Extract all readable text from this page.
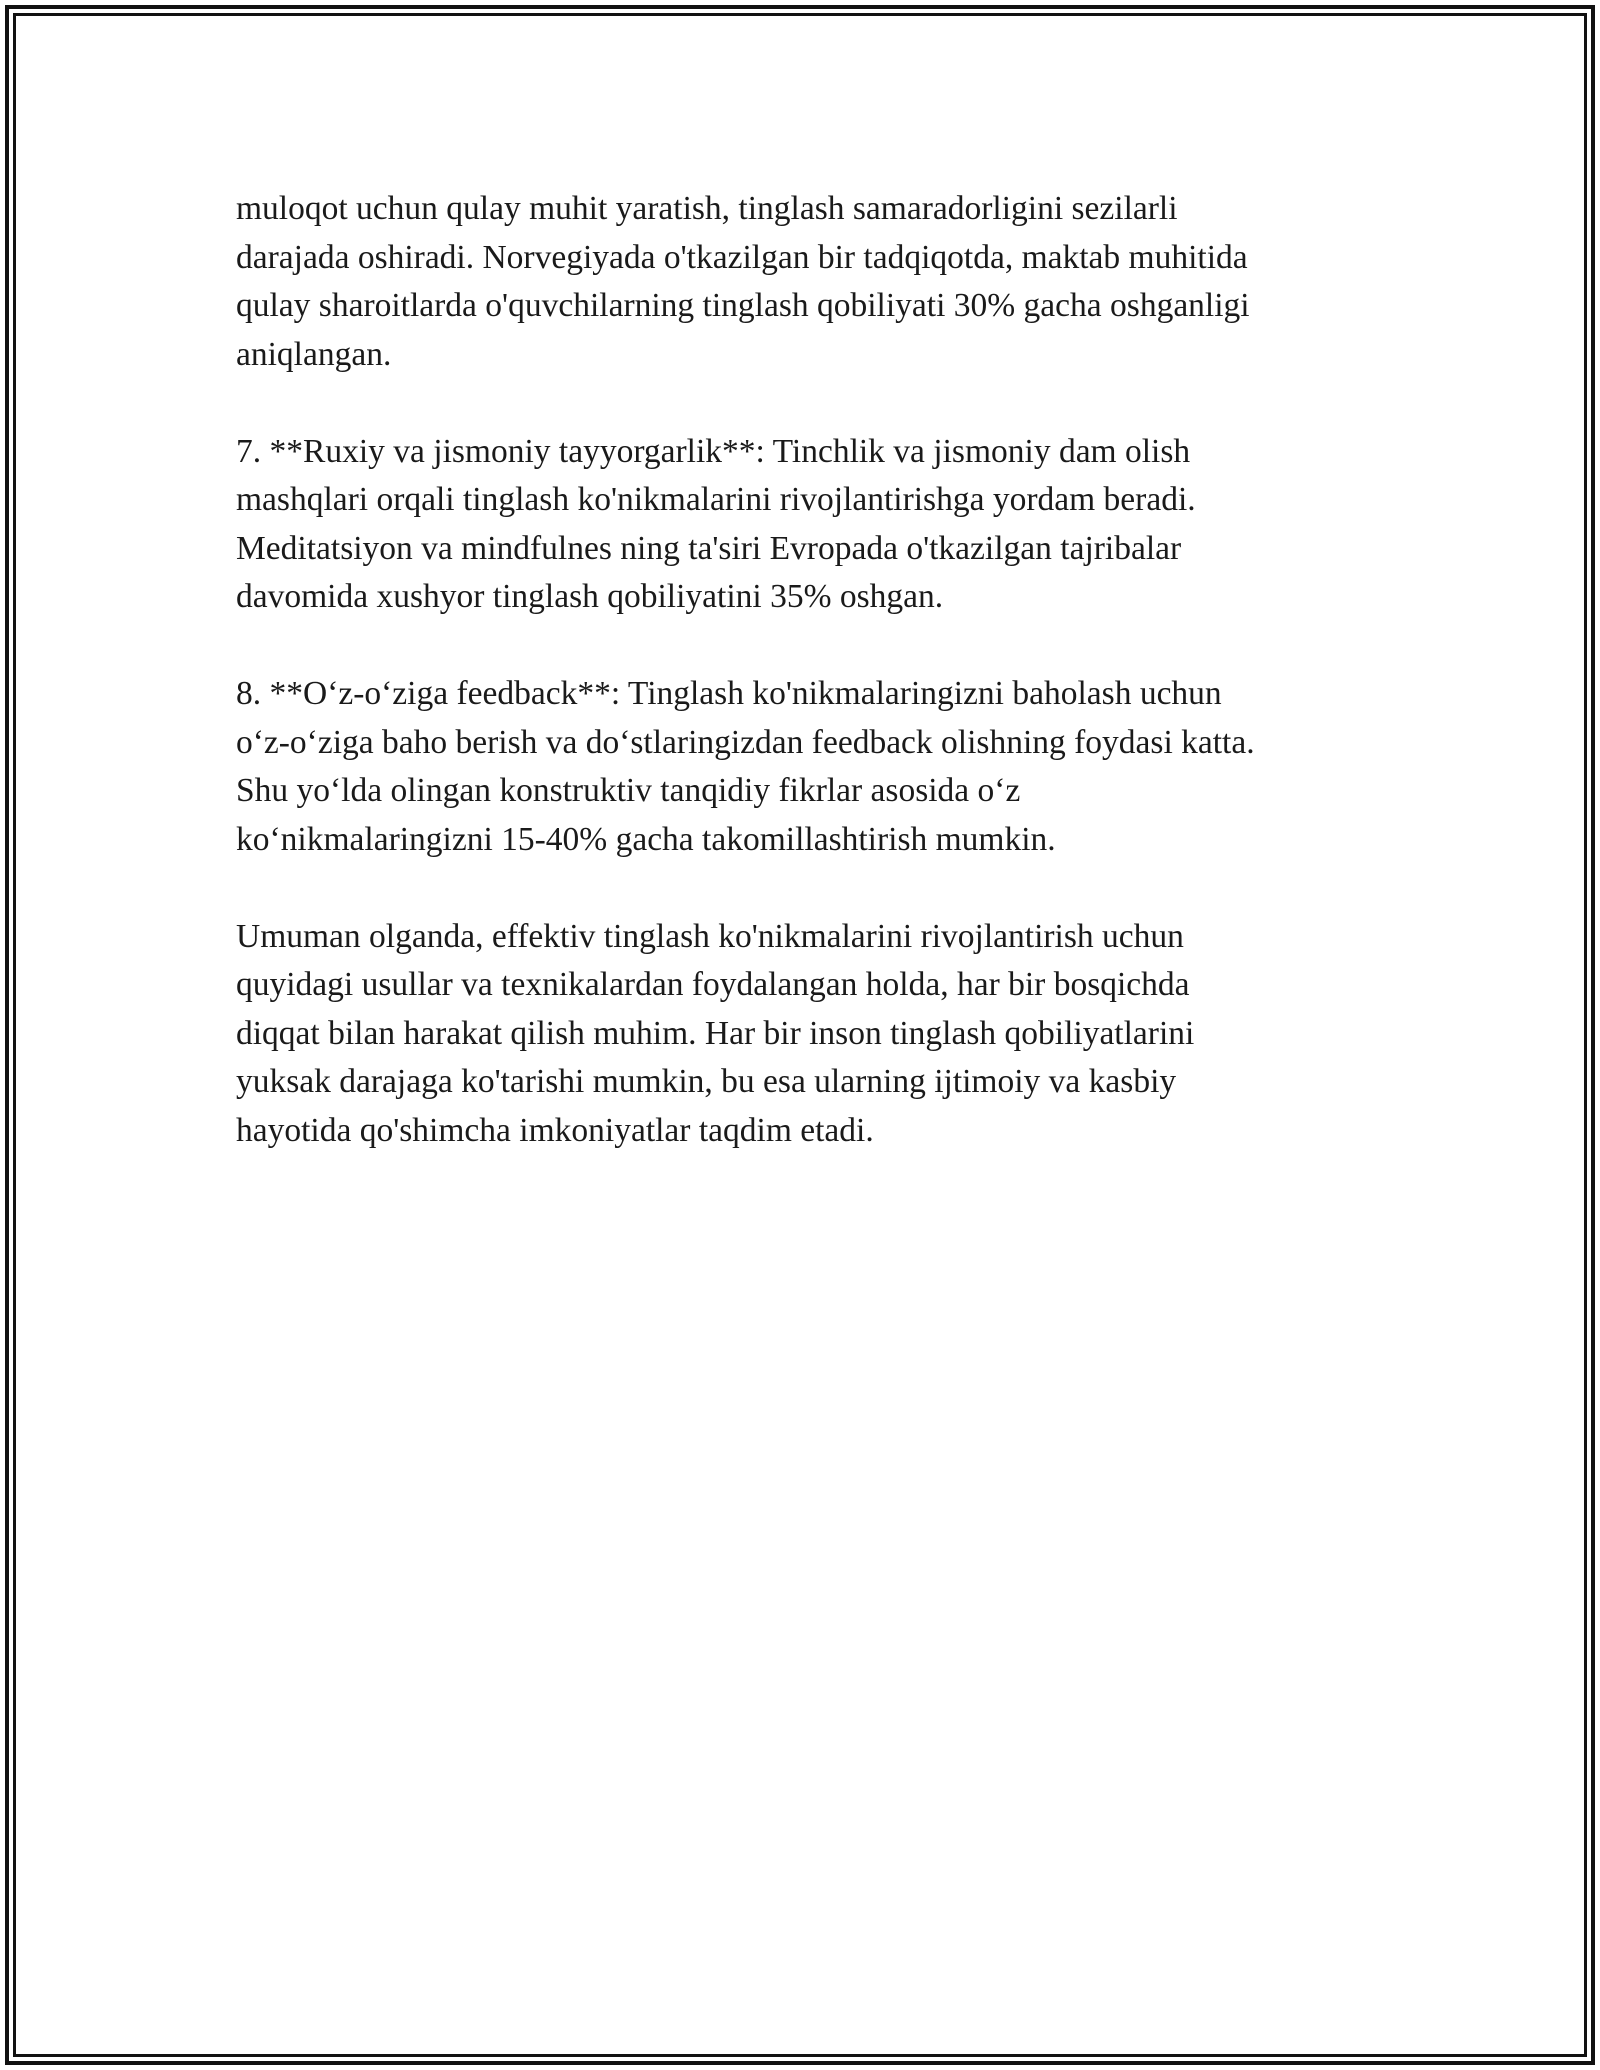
muloqot uchun qulay muhit yaratish, tinglash samaradorligini sezilarli
darajada oshiradi. Norvegiyada o'tkazilgan bir tadqiqotda, maktab muhitida
qulay sharoitlarda o'quvchilarning tinglash qobiliyati 30% gacha oshganligi
aniqlangan.

7. **Ruxiy va jismoniy tayyorgarlik**: Tinchlik va jismoniy dam olish
mashqlari orqali tinglash ko'nikmalarini rivojlantirishga yordam beradi.
Meditatsiyon va mindfulnes ning ta'siri Evropada o'tkazilgan tajribalar
davomida xushyor tinglash qobiliyatini 35% oshgan.

8. **O‘z-o‘ziga feedback**: Tinglash ko'nikmalaringizni baholash uchun
o‘z-o‘ziga baho berish va do‘stlaringizdan feedback olishning foydasi katta.
Shu yo‘lda olingan konstruktiv tanqidiy fikrlar asosida o‘z
ko‘nikmalaringizni 15-40% gacha takomillashtirish mumkin.

Umuman olganda, effektiv tinglash ko'nikmalarini rivojlantirish uchun
quyidagi usullar va texnikalardan foydalangan holda, har bir bosqichda
diqqat bilan harakat qilish muhim. Har bir inson tinglash qobiliyatlarini
yuksak darajaga ko'tarishi mumkin, bu esa ularning ijtimoiy va kasbiy
hayotida qo'shimcha imkoniyatlar taqdim etadi.
